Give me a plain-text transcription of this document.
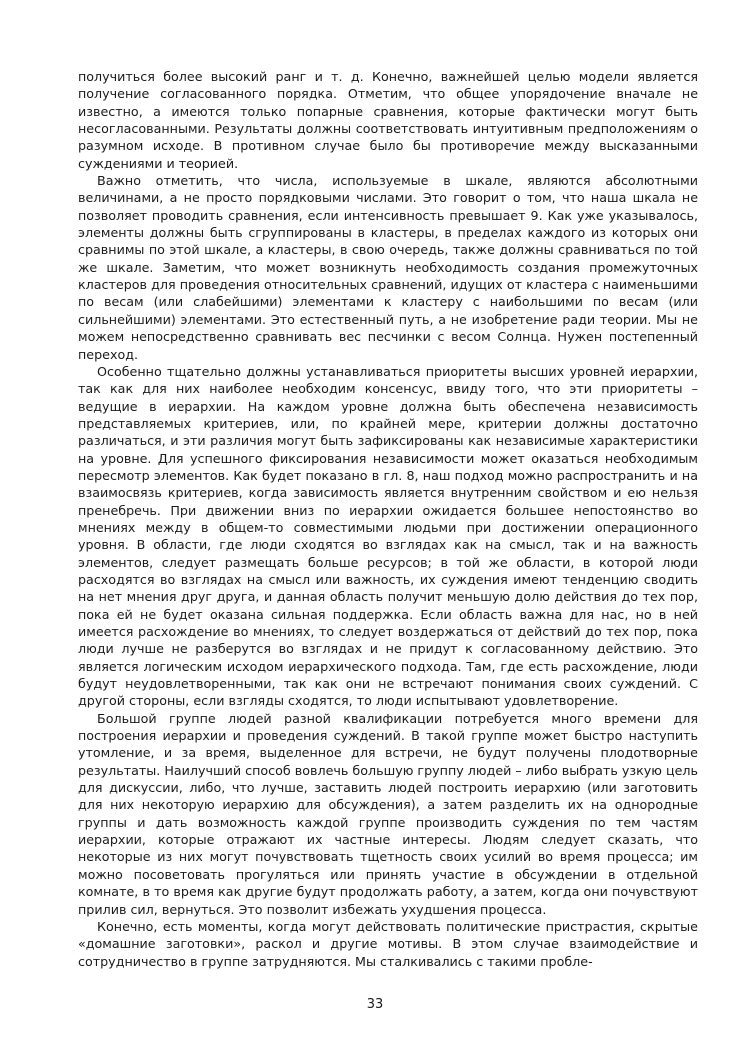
получиться более высокий ранг и т. д. Конечно, важнейшей целью модели является получение согласованного порядка. Отметим, что общее упорядочение вначале не известно, а имеются только попарные сравнения, которые фактически могут быть несогласованными. Результаты должны соответствовать интуитивным предположениям о разумном исходе. В противном случае было бы противоречие между высказанными суждениями и теорией.

Важно отметить, что числа, используемые в шкале, являются абсолютными величинами, а не просто порядковыми числами. Это говорит о том, что наша шкала не позволяет проводить сравнения, если интенсивность превышает 9. Как уже указывалось, элементы должны быть сгруппированы в кластеры, в пределах каждого из которых они сравнимы по этой шкале, а кластеры, в свою очередь, также должны сравниваться по той же шкале. Заметим, что может возникнуть необходимость создания промежуточных кластеров для проведения относительных сравнений, идущих от кластера с наименьшими по весам (или слабейшими) элементами к кластеру с наибольшими по весам (или сильнейшими) элементами. Это естественный путь, а не изобретение ради теории. Мы не можем непосредственно сравнивать вес песчинки с весом Солнца. Нужен постепенный переход.

Особенно тщательно должны устанавливаться приоритеты высших уровней иерархии, так как для них наиболее необходим консенсус, ввиду того, что эти приоритеты – ведущие в иерархии. На каждом уровне должна быть обеспечена независимость представляемых критериев, или, по крайней мере, критерии должны достаточно различаться, и эти различия могут быть зафиксированы как независимые характеристики на уровне. Для успешного фиксирования независимости может оказаться необходимым пересмотр элементов. Как будет показано в гл. 8, наш подход можно распространить и на взаимосвязь критериев, когда зависимость является внутренним свойством и ею нельзя пренебречь. При движении вниз по иерархии ожидается большее непостоянство во мнениях между в общем-то совместимыми людьми при достижении операционного уровня. В области, где люди сходятся во взглядах как на смысл, так и на важность элементов, следует размещать больше ресурсов; в той же области, в которой люди расходятся во взглядах на смысл или важность, их суждения имеют тенденцию сводить на нет мнения друг друга, и данная область получит меньшую долю действия до тех пор, пока ей не будет оказана сильная поддержка. Если область важна для нас, но в ней имеется расхождение во мнениях, то следует воздержаться от действий до тех пор, пока люди лучше не разберутся во взглядах и не придут к согласованному действию. Это является логическим исходом иерархического подхода. Там, где есть расхождение, люди будут неудовлетворенными, так как они не встречают понимания своих суждений. С другой стороны, если взгляды сходятся, то люди испытывают удовлетворение.

Большой группе людей разной квалификации потребуется много времени для построения иерархии и проведения суждений. В такой группе может быстро наступить утомление, и за время, выделенное для встречи, не будут получены плодотворные результаты. Наилучший способ вовлечь большую группу людей – либо выбрать узкую цель для дискуссии, либо, что лучше, заставить людей построить иерархию (или заготовить для них некоторую иерархию для обсуждения), а затем разделить их на однородные группы и дать возможность каждой группе производить суждения по тем частям иерархии, которые отражают их частные интересы. Людям следует сказать, что некоторые из них могут почувствовать тщетность своих усилий во время процесса; им можно посоветовать прогуляться или принять участие в обсуждении в отдельной комнате, в то время как другие будут продолжать работу, а затем, когда они почувствуют прилив сил, вернуться. Это позволит избежать ухудшения процесса.

Конечно, есть моменты, когда могут действовать политические пристрастия, скрытые «домашние заготовки», раскол и другие мотивы. В этом случае взаимодействие и сотрудничество в группе затрудняются. Мы сталкивались с такими пробле-

33
